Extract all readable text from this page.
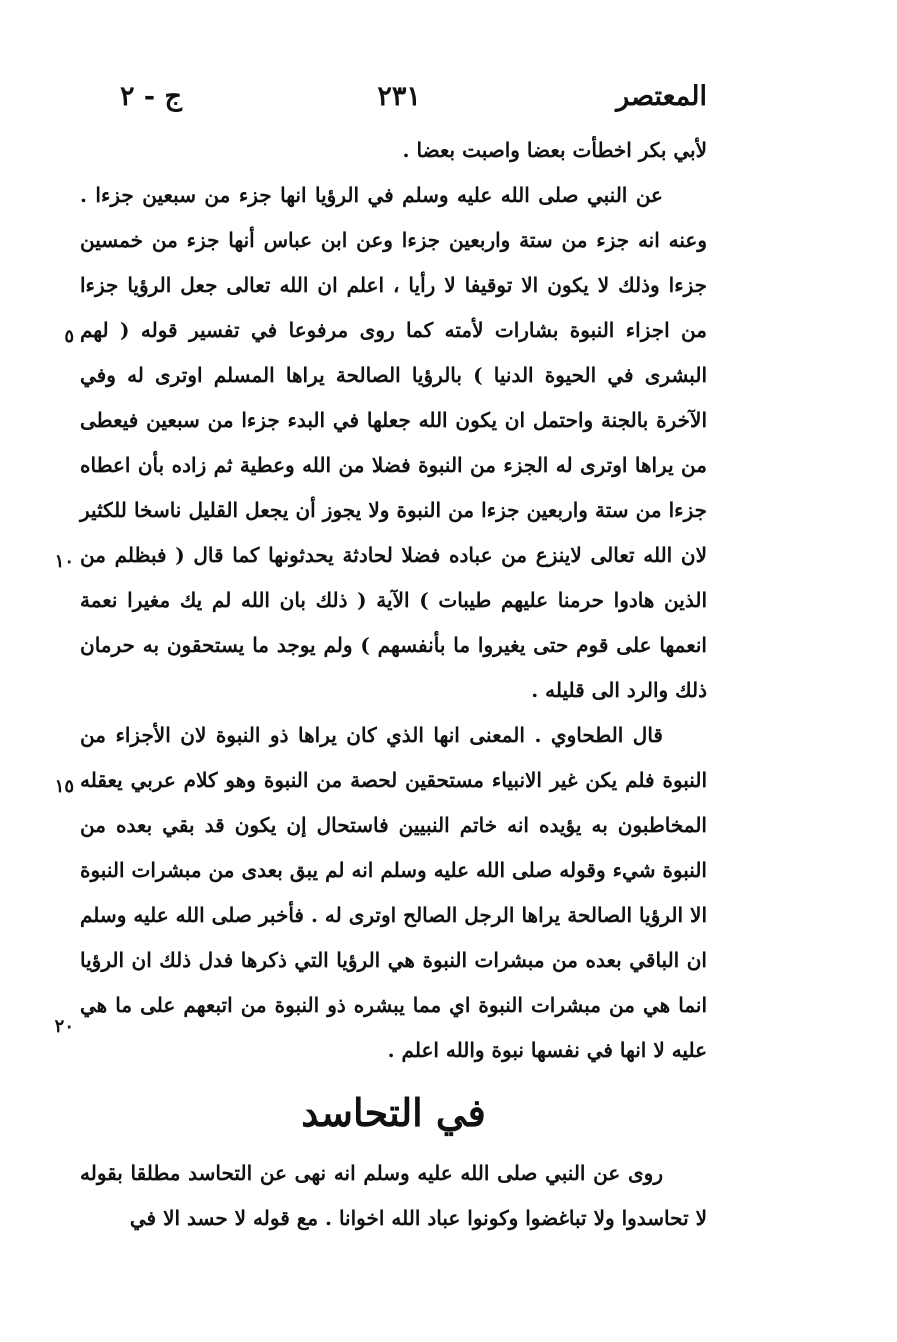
المعتصر
٢٣١
ج - ٢

لأبي بكر اخطأت بعضا واصبت بعضا .

عن النبي صلى الله عليه وسلم في الرؤيا انها جزء من سبعين جزءا . وعنه انه جزء من ستة واربعين جزءا وعن ابن عباس أنها جزء من خمسين جزءا وذلك لا يكون الا توقيفا لا رأيا ، اعلم ان الله تعالى جعل الرؤيا جزءا من اجزاء النبوة بشارات لأمته كما روى مرفوعا في تفسير قوله ( لهم البشرى في الحيوة الدنيا ) بالرؤيا الصالحة يراها المسلم اوترى له وفي الآخرة بالجنة واحتمل ان يكون الله جعلها في البدء جزءا من سبعين فيعطى من يراها اوترى له الجزء من النبوة فضلا من الله وعطية ثم زاده بأن اعطاه جزءا من ستة واربعين جزءا من النبوة ولا يجوز أن يجعل القليل ناسخا للكثير لان الله تعالى لاينزع من عباده فضلا لحادثة يحدثونها كما قال ( فبظلم من الذين هادوا حرمنا عليهم طيبات ) الآية ( ذلك بان الله لم يك مغيرا نعمة انعمها على قوم حتى يغيروا ما بأنفسهم ) ولم يوجد ما يستحقون به حرمان ذلك والرد الى قليله .

قال الطحاوي . المعنى انها الذي كان يراها ذو النبوة لان الأجزاء من النبوة فلم يكن غير الانبياء مستحقين لحصة من النبوة وهو كلام عربي يعقله المخاطبون به يؤيده انه خاتم النبيين فاستحال إن يكون قد بقي بعده من النبوة شيء وقوله صلى الله عليه وسلم انه لم يبق بعدى من مبشرات النبوة الا الرؤيا الصالحة يراها الرجل الصالح اوترى له . فأخبر صلى الله عليه وسلم ان الباقي بعده من مبشرات النبوة هي الرؤيا التي ذكرها فدل ذلك ان الرؤيا انما هي من مبشرات النبوة اي مما يبشره ذو النبوة من اتبعهم على ما هي عليه لا انها في نفسها نبوة والله اعلم .

في التحاسد

روى عن النبي صلى الله عليه وسلم انه نهى عن التحاسد مطلقا بقوله لا تحاسدوا ولا تباغضوا وكونوا عباد الله اخوانا . مع قوله لا حسد الا في

٥
١٠
١٥
٢٠
